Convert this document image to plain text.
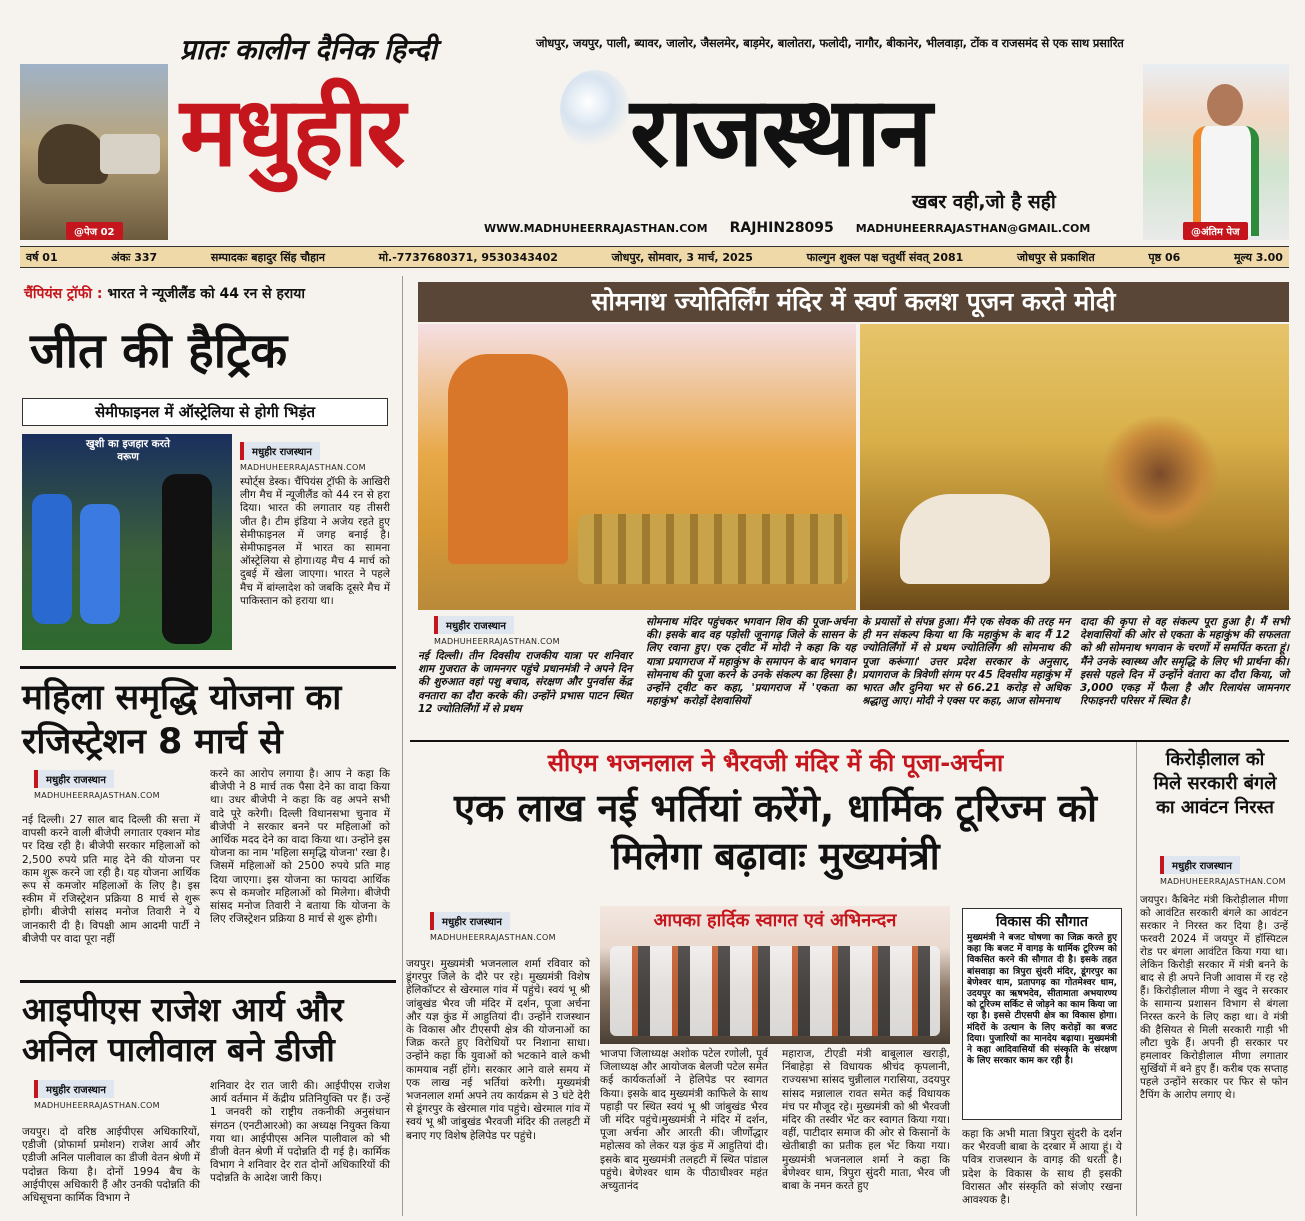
@पेज 02
प्रातः कालीन दैनिक हिन्दी
मधुहीर राजस्थान
जोधपुर, जयपुर, पाली, ब्यावर, जालोर, जैसलमेर, बाड़मेर, बालोतरा, फलोदी, नागौर, बीकानेर, भीलवाड़ा, टोंक व राजसमंद से एक साथ प्रसारित
खबर वही,जो है सही
WWW.MADHUHEERRAJASTHAN.COM RAJHIN28095 MADHUHEERRAJASTHAN@GMAIL.COM	@अंतिम पेज
वर्ष 01	अंकः 337	सम्पादकः बहादुर सिंह चौहान	मो.-7737680371, 9530343402	जोधपुर, सोमवार, 3 मार्च, 2025	फाल्गुन शुक्ल पक्ष चतुर्थी संवत् 2081	जोधपुर से प्रकाशित	पृष्ठ 06	मूल्य 3.00
चैंपियंस ट्रॉफी : भारत ने न्यूजीलैंड को 44 रन से हराया
जीत की हैट्रिक
सेमीफाइनल में ऑस्ट्रेलिया से होगी भिड़ंत
खुशी का इजहार करते वरूण	मधुहीर राजस्थान
MADHUHEERRAJASTHAN.COM
स्पोर्ट्स डेस्क। चैंपियंस ट्रॉफी के आखिरी लीग मैच में न्यूजीलैंड को 44 रन से हरा दिया। भारत की लगातार यह तीसरी जीत है। टीम इंडिया ने अजेय रहते हुए सेमीफाइनल में जगह बनाई है। सेमीफाइनल में भारत का सामना ऑस्ट्रेलिया से होगा।यह मैच 4 मार्च को दुबई में खेला जाएगा। भारत ने पहले मैच में बांग्लादेश को जबकि दूसरे मैच में पाकिस्तान को हराया था।
सोमनाथ ज्योतिर्लिंग मंदिर में स्वर्ण कलश पूजन करते मोदी
मधुहीर राजस्थान
MADHUHEERRAJASTHAN.COM
नई दिल्ली। तीन दिवसीय राजकीय यात्रा पर शनिवार शाम गुजरात के जामनगर पहुंचे प्रधानमंत्री ने अपने दिन की शुरुआत वहां पशु बचाव, संरक्षण और पुनर्वास केंद्र वनतारा का दौरा करके की। उन्होंने प्रभास पाटन स्थित 12 ज्योतिर्लिंगों में से प्रथम
सोमनाथ मंदिर पहुंचकर भगवान शिव की पूजा-अर्चना की। इसके बाद वह पड़ोसी जूनागढ़ जिले के सासन के लिए रवाना हुए। एक ट्वीट में मोदी ने कहा कि यह यात्रा प्रयागराज में महाकुंभ के समापन के बाद भगवान सोमनाथ की पूजा करने के उनके संकल्प का हिस्सा है। उन्होंने ट्वीट कर कहा, 'प्रयागराज में 'एकता का महाकुंभ' करोड़ों देशवासियों
के प्रयासों से संपन्न हुआ। मैंने एक सेवक की तरह मन ही मन संकल्प किया था कि महाकुंभ के बाद मैं 12 ज्योतिर्लिंगों में से प्रथम ज्योतिर्लिंग श्री सोमनाथ की पूजा करूंगा।' उत्तर प्रदेश सरकार के अनुसार, प्रयागराज के त्रिवेणी संगम पर 45 दिवसीय महाकुंभ में भारत और दुनिया भर से 66.21 करोड़ से अधिक श्रद्धालु आए। मोदी ने एक्स पर कहा, आज सोमनाथ
दादा की कृपा से वह संकल्प पूरा हुआ है। मैं सभी देशवासियों की ओर से एकता के महाकुंभ की सफलता को श्री सोमनाथ भगवान के चरणों में समर्पित करता हूं। मैंने उनके स्वास्थ्य और समृद्धि के लिए भी प्रार्थना की। इससे पहले दिन में उन्होंने वंतारा का दौरा किया, जो 3,000 एकड़ में फैला है और रिलायंस जामनगर रिफाइनरी परिसर में स्थित है।
महिला समृद्धि योजना का रजिस्ट्रेशन 8 मार्च से
मधुहीर राजस्थान
MADHUHEERRAJASTHAN.COM
नई दिल्ली। 27 साल बाद दिल्ली की सत्ता में वापसी करने वाली बीजेपी लगातार एक्शन मोड पर दिख रही है। बीजेपी सरकार महिलाओं को 2,500 रुपये प्रति माह देने की योजना पर काम शुरू करने जा रही है। यह योजना आर्थिक रूप से कमजोर महिलाओं के लिए है। इस स्कीम में रजिस्ट्रेशन प्रक्रिया 8 मार्च से शुरू होगी। बीजेपी सांसद मनोज तिवारी ने ये जानकारी दी है। विपक्षी आम आदमी पार्टी ने बीजेपी पर वादा पूरा नहीं
करने का आरोप लगाया है। आप ने कहा कि बीजेपी ने 8 मार्च तक पैसा देने का वादा किया था। उधर बीजेपी ने कहा कि वह अपने सभी वादे पूरे करेगी। दिल्ली विधानसभा चुनाव में बीजेपी ने सरकार बनने पर महिलाओं को आर्थिक मदद देने का वादा किया था। उन्होंने इस योजना का नाम 'महिला समृद्धि योजना' रखा है। जिसमें महिलाओं को 2500 रुपये प्रति माह दिया जाएगा। इस योजना का फायदा आर्थिक रूप से कमजोर महिलाओं को मिलेगा। बीजेपी सांसद मनोज तिवारी ने बताया कि योजना के लिए रजिस्ट्रेशन प्रक्रिया 8 मार्च से शुरू होगी।
आइपीएस राजेश आर्य और अनिल पालीवाल बने डीजी
मधुहीर राजस्थान
MADHUHEERRAJASTHAN.COM
जयपुर। दो वरिष्ठ आईपीएस अधिकारियों, एडीजी (प्रोफार्मा प्रमोशन) राजेश आर्य और एडीजी अनिल पालीवाल का डीजी वेतन श्रेणी में पदोन्नत किया है। दोनों 1994 बैच के आईपीएस अधिकारी हैं और उनकी पदोन्नति की अधिसूचना कार्मिक विभाग ने
शनिवार देर रात जारी की। आईपीएस राजेश आर्य वर्तमान में केंद्रीय प्रतिनियुक्ति पर हैं। उन्हें 1 जनवरी को राष्ट्रीय तकनीकी अनुसंधान संगठन (एनटीआरओ) का अध्यक्ष नियुक्त किया गया था। आईपीएस अनिल पालीवाल को भी डीजी वेतन श्रेणी में पदोन्नति दी गई है। कार्मिक विभाग ने शनिवार देर रात दोनों अधिकारियों की पदोन्नति के आदेश जारी किए।
सीएम भजनलाल ने भैरवजी मंदिर में की पूजा-अर्चना
एक लाख नई भर्तियां करेंगे, धार्मिक टूरिज्म को मिलेगा बढ़ावाः मुख्यमंत्री
मधुहीर राजस्थान
MADHUHEERRAJASTHAN.COM
जयपुर। मुख्यमंत्री भजनलाल शर्मा रविवार को डूंगरपुर जिले के दौरे पर रहे। मुख्यमंत्री विशेष हेलिकॉप्टर से खेरमाल गांव में पहुंचे। स्वयं भू श्री जांबुखंड भैरव जी मंदिर में दर्शन, पूजा अर्चना और यज्ञ कुंड में आहुतियां दी। उन्होंने राजस्थान के विकास और टीएसपी क्षेत्र की योजनाओं का जिक्र करते हुए विरोधियों पर निशाना साधा। उन्होंने कहा कि युवाओं को भटकाने वाले कभी कामयाब नहीं होंगे। सरकार आने वाले समय में एक लाख नई भर्तियां करेगी। मुख्यमंत्री भजनलाल शर्मा अपने तय कार्यक्रम से 3 घंटे देरी से डूंगरपुर के खेरमाल गांव पहुंचे। खेरमाल गांव में स्वयं भू श्री जांबुखंड भैरवजी मंदिर की तलहटी में बनाए गए विशेष हेलिपेड पर पहुंचे।
आपका हार्दिक स्वागत एवं अभिनन्दन
भाजपा जिलाध्यक्ष अशोक पटेल रणोली, पूर्व जिलाध्यक्ष और आयोजक बेलजी पटेल समेत कई कार्यकर्ताओं ने हेलिपेड पर स्वागत किया। इसके बाद मुख्यमंत्री काफिले के साथ पहाड़ी पर स्थित स्वयं भू श्री जांबुखंड भैरव जी मंदिर पहुंचे।मुख्यमंत्री ने मंदिर में दर्शन, पूजा अर्चना और आरती की। जीर्णोद्धार महोत्सव को लेकर यज्ञ कुंड में आहुतियां दी। इसके बाद मुख्यमंत्री तलहटी में स्थित पांडाल पहुंचे। बेणेश्वर धाम के पीठाधीश्वर महंत अच्युतानंद
महाराज, टीएडी मंत्री बाबूलाल खराड़ी, निंबाहेड़ा से विधायक श्रीचंद कृपलानी, राज्यसभा सांसद चुन्नीलाल गरासिया, उदयपुर सांसद मन्नालाल रावत समेत कई विधायक मंच पर मौजूद रहे। मुख्यमंत्री को श्री भैरवजी मंदिर की तस्वीर भेंट कर स्वागत किया गया। वहीं, पाटीदार समाज की ओर से किसानों के खेतीबाड़ी का प्रतीक हल भेंट किया गया। मुख्यमंत्री भजनलाल शर्मा ने कहा कि बेणेश्वर धाम, त्रिपुरा सुंदरी माता, भैरव जी बाबा के नमन करते हुए
विकास की सौगात
मुख्यमंत्री ने बजट घोषणा का जिक्र करते हुए कहा कि बजट में वागड़ के धार्मिक टूरिज्म को विकसित करने की सौगात दी है। इसके तहत बांसवाड़ा का त्रिपुरा सुंदरी मंदिर, डूंगरपुर का बेणेश्वर धाम, प्रतापगढ़ का गोतमेश्वर धाम, उदयपुर का ऋषभदेव, सीतामाता अभयारण्य को टूरिज्म सर्किट से जोड़ने का काम किया जा रहा है। इससे टीएसपी क्षेत्र का विकास होगा। मंदिरों के उत्थान के लिए करोड़ों का बजट दिया। पुजारियों का मानदेय बढ़ाया। मुख्यमंत्री ने कहा आदिवासियों की संस्कृति के संरक्षण के लिए सरकार काम कर रही है।
कहा कि अभी माता त्रिपुरा सुंदरी के दर्शन कर भैरवजी बाबा के दरबार में आया हूं। ये पवित्र राजस्थान के वागड़ की धरती है। प्रदेश के विकास के साथ ही इसकी विरासत और संस्कृति को संजोए रखना आवश्यक है।
किरोड़ीलाल को मिले सरकारी बंगले का आवंटन निरस्त
मधुहीर राजस्थान
MADHUHEERRAJASTHAN.COM
जयपुर। कैबिनेट मंत्री किरोड़ीलाल मीणा को आवंटित सरकारी बंगले का आवंटन सरकार ने निरस्त कर दिया है। उन्हें फरवरी 2024 में जयपुर में हॉस्पिटल रोड पर बंगला आवंटित किया गया था। लेकिन किरोड़ी सरकार में मंत्री बनने के बाद से ही अपने निजी आवास में रह रहे हैं। किरोड़ीलाल मीणा ने खुद ने सरकार के सामान्य प्रशासन विभाग से बंगला निरस्त करने के लिए कहा था। वे मंत्री की हैसियत से मिली सरकारी गाड़ी भी लौटा चुके हैं। अपनी ही सरकार पर हमलावर किरोड़ीलाल मीणा लगातार सुर्खियों में बने हुए हैं। करीब एक सप्ताह पहले उन्होंने सरकार पर फिर से फोन टैपिंग के आरोप लगाए थे।
